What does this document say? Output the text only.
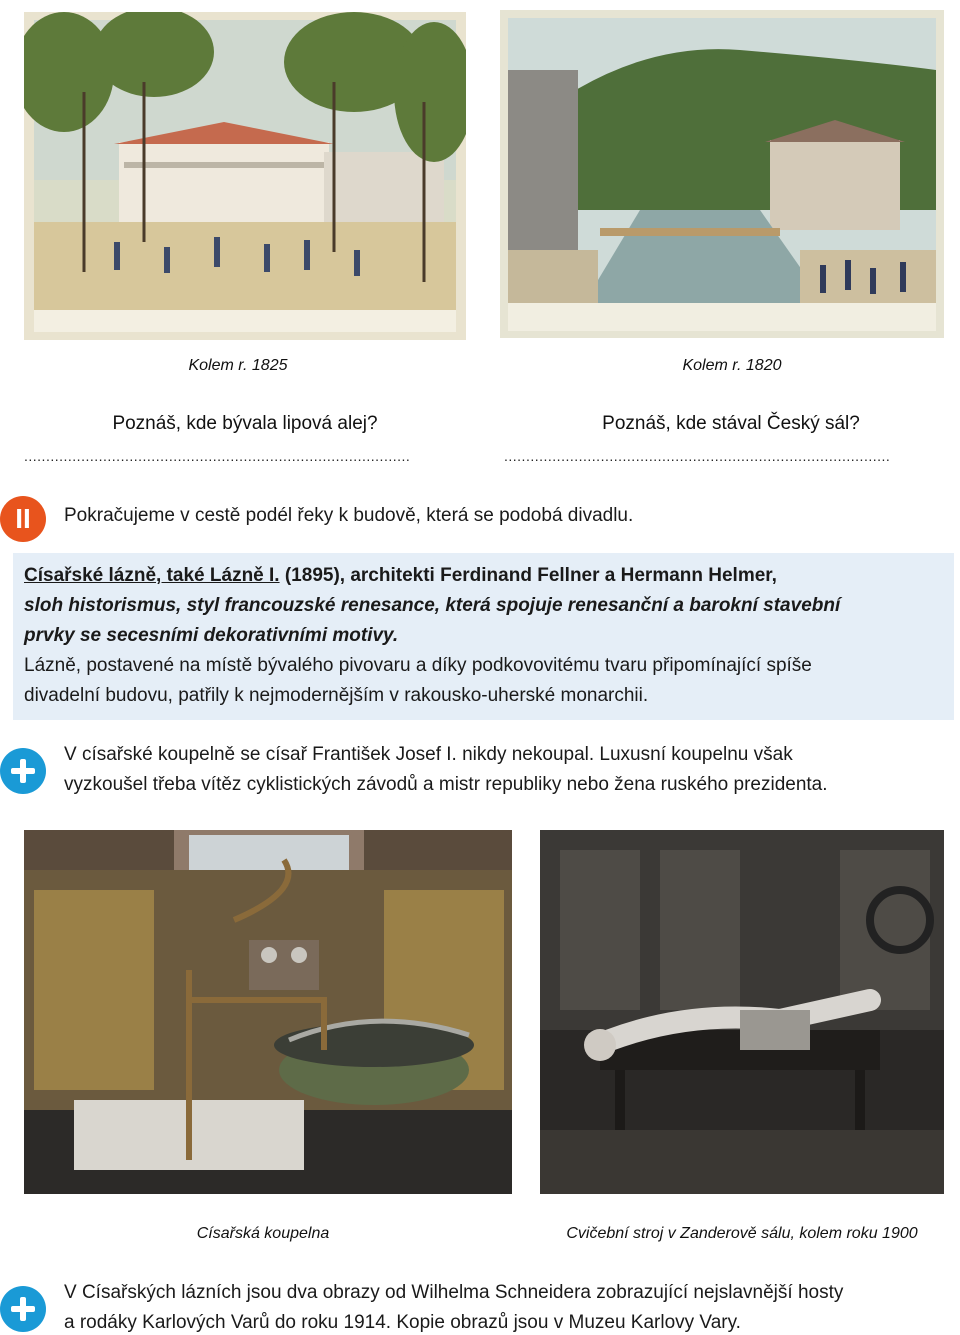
Kolem r. 1825	Kolem r. 1820
Poznáš, kde bývala lipová alej?	Poznáš, kde stával Český sál?
........................................................................................	........................................................................................
II	Pokračujeme v cestě podél řeky k budově, která se podobá divadlu.

Císařské lázně, také Lázně I. (1895), architekti Ferdinand Fellner a Hermann Helmer,

sloh historismus, styl francouzské renesance, která spojuje renesanční a barokní stavební

prvky se secesními dekorativními motivy.

Lázně, postavené na místě bývalého pivovaru a díky podkovovitému tvaru připomínající spíše

divadelní budovu, patřily k nejmodernějším v rakousko-uherské monarchii.

V císařské koupelně se císař František Josef I. nikdy nekoupal. Luxusní koupelnu však
vyzkoušel třeba vítěz cyklistických závodů a mistr republiky nebo žena ruského prezidenta.
Císařská koupelna	Cvičební stroj v Zanderově sálu, kolem roku 1900
V Císařských lázních jsou dva obrazy od Wilhelma Schneidera zobrazující nejslavnější hosty
a rodáky Karlových Varů do roku 1914. Kopie obrazů jsou v Muzeu Karlovy Vary.
